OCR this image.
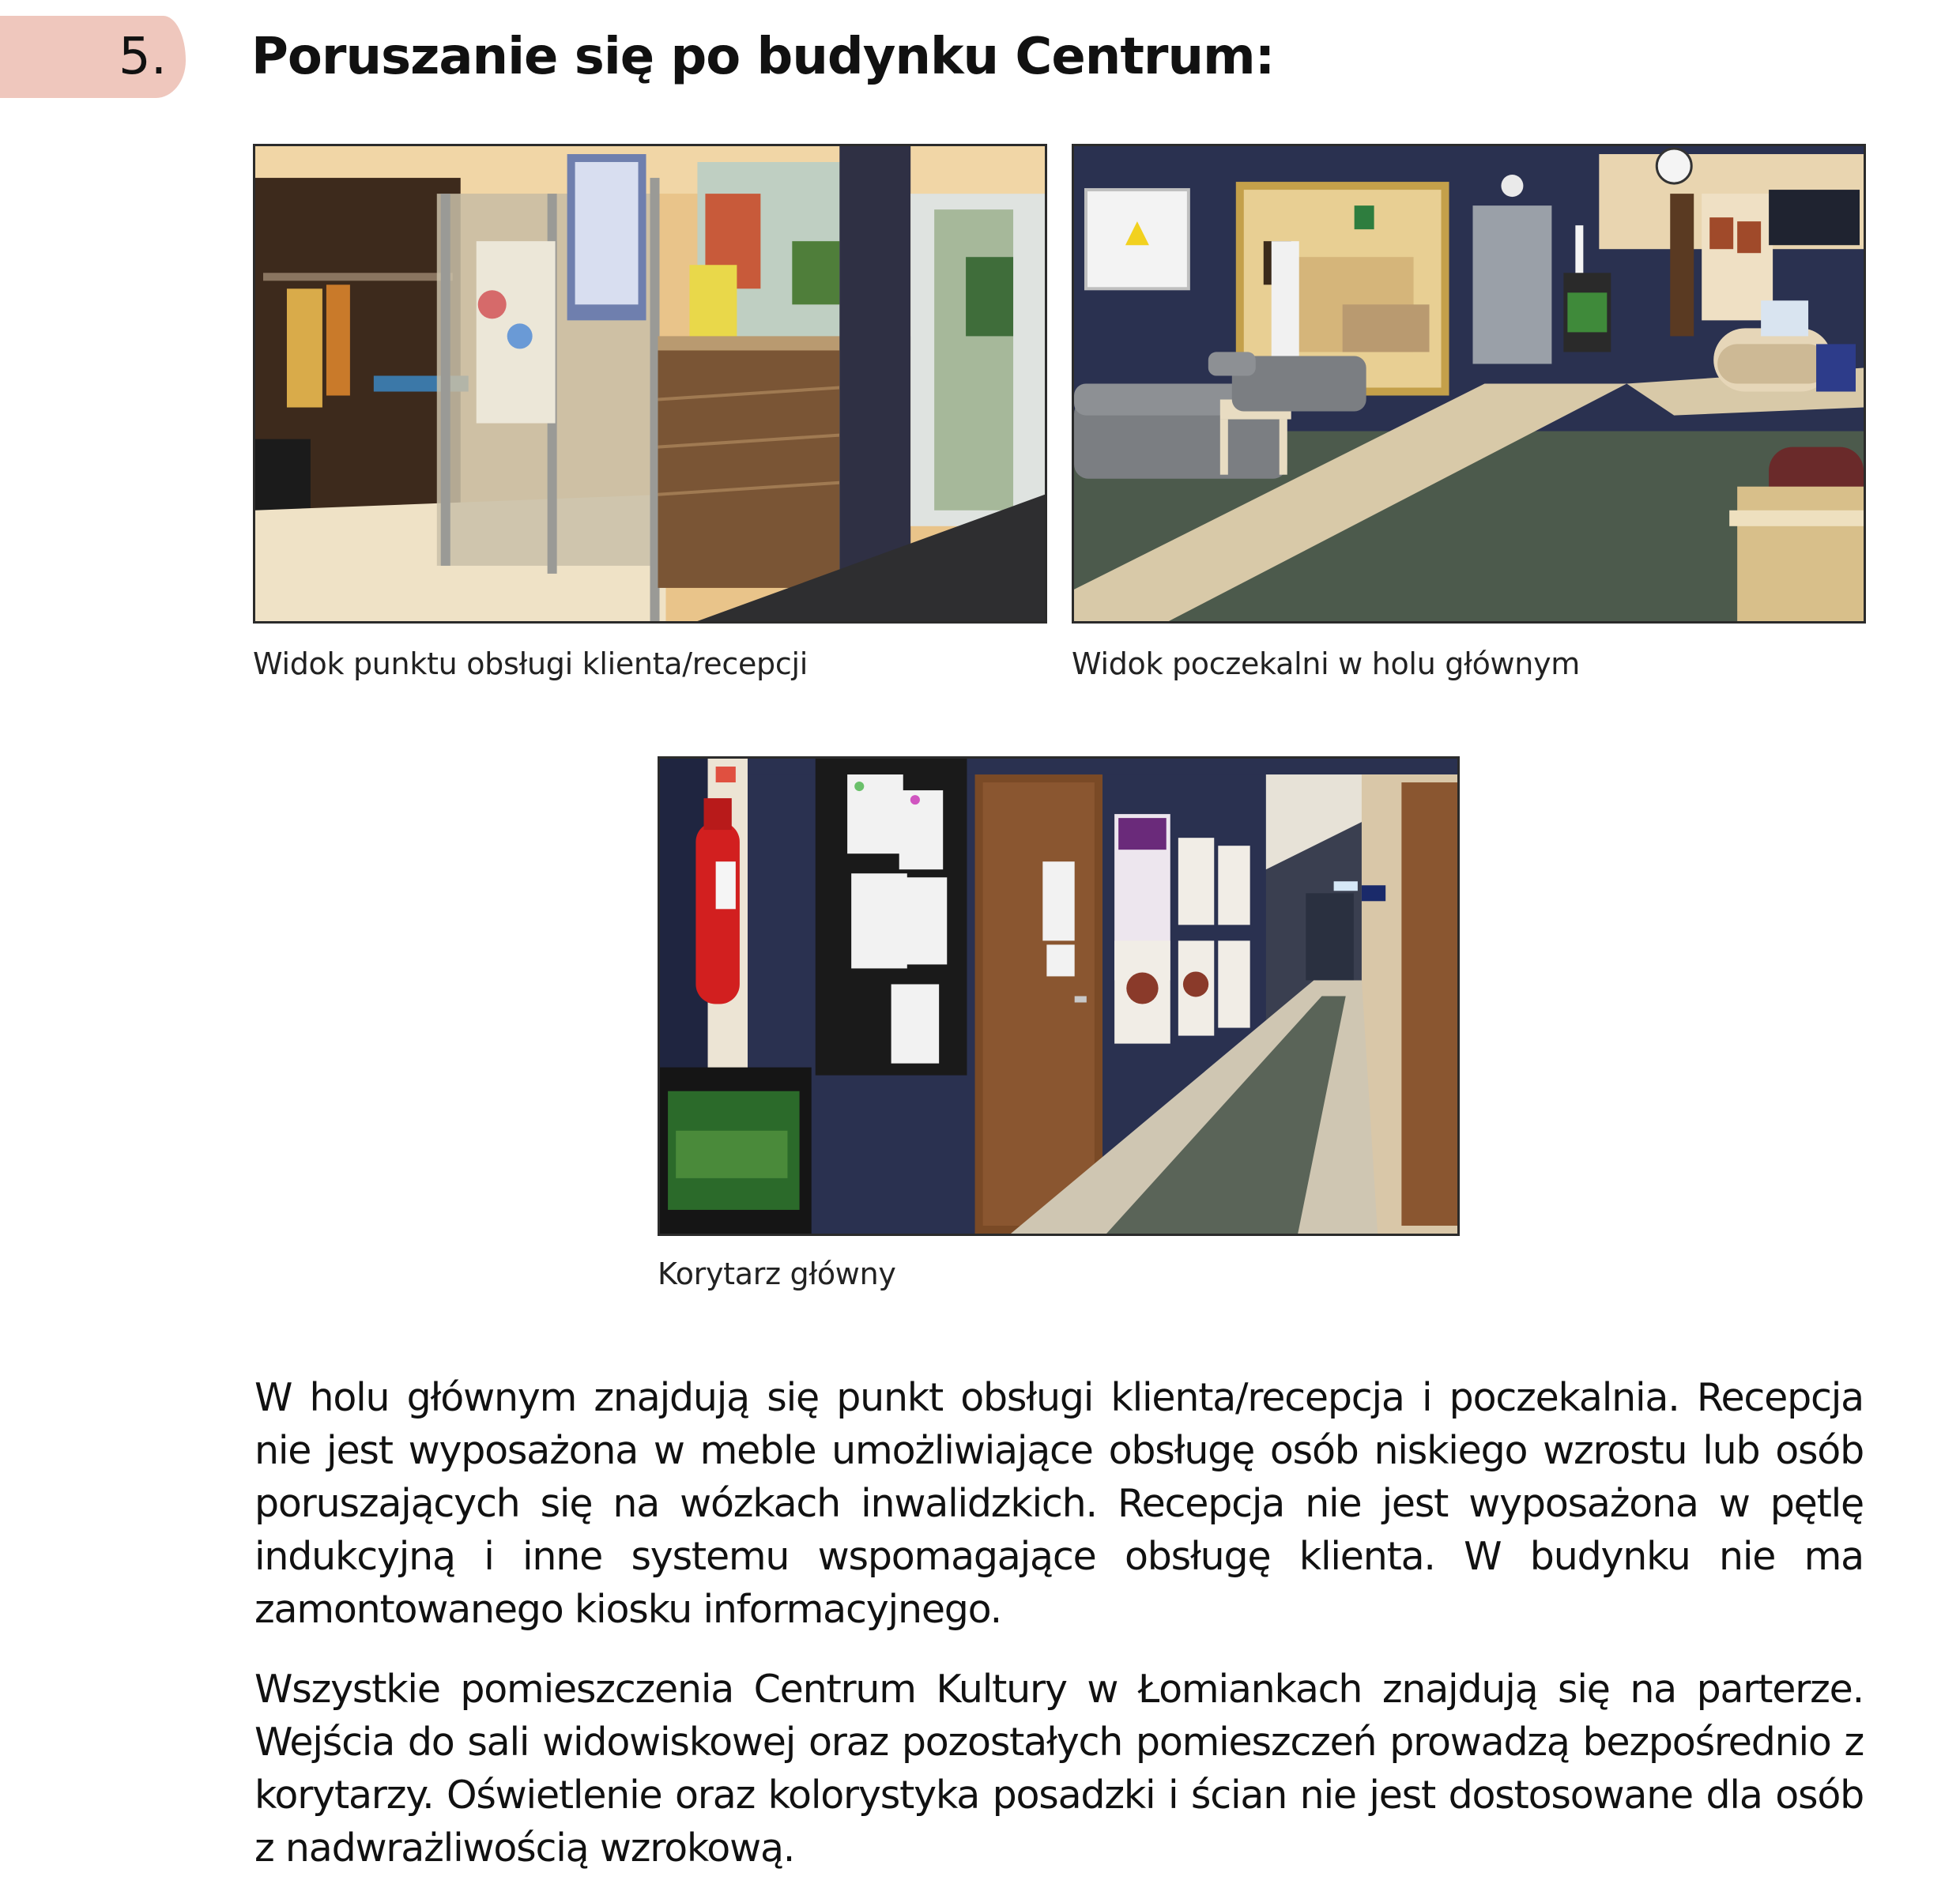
5. Poruszanie się po budynku Centrum:
Widok punktu obsługi klienta/recepcji	Widok poczekalni w holu głównym
Korytarz główny

W holu głównym znajdują się punkt obsługi klienta/recepcja i poczekalnia. Recepcja nie jest wyposażona w meble umożliwiające obsługę osób niskiego wzrostu lub osób poruszających się na wózkach inwalidzkich. Recepcja nie jest wyposażona w pętlę indukcyjną i inne systemu wspomagające obsługę klienta. W budynku nie ma zamontowanego kiosku informacyjnego.

Wszystkie pomieszczenia Centrum Kultury w Łomiankach znajdują się na parterze. Wejścia do sali widowiskowej oraz pozostałych pomieszczeń prowadzą bezpośrednio z korytarzy. Oświetlenie oraz kolorystyka posadzki i ścian nie jest dostosowane dla osób z nadwrażliwością wzrokową.
